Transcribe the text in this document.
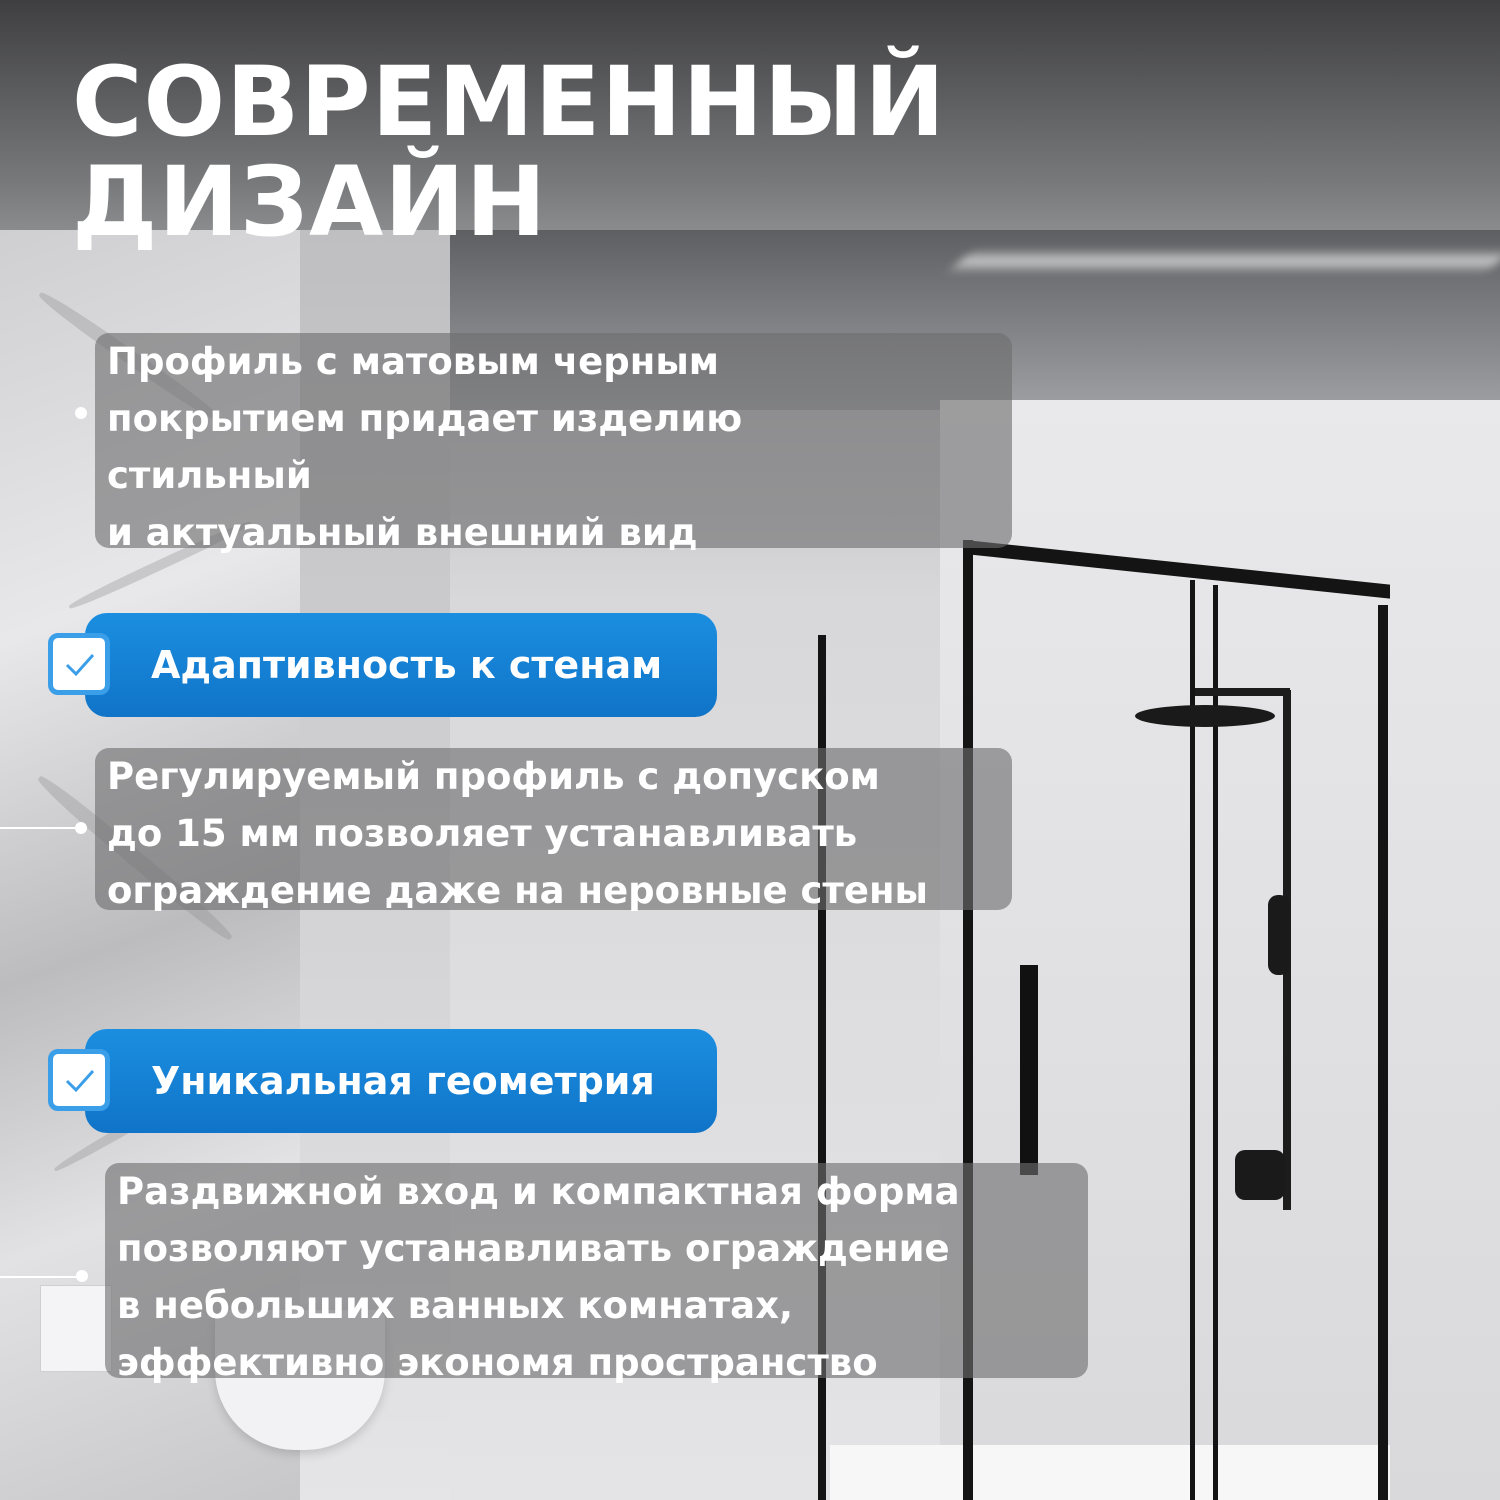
СОВРЕМЕННЫЙ
ДИЗАЙН
Профиль с матовым черным
покрытием придает изделию
стильный
и актуальный внешний вид
Адаптивность к стенам
Регулируемый профиль с допуском
до 15 мм позволяет устанавливать
ограждение даже на неровные стены
Уникальная геометрия
Раздвижной вход и компактная форма
позволяют устанавливать ограждение
в небольших ванных комнатах,
эффективно экономя пространство
